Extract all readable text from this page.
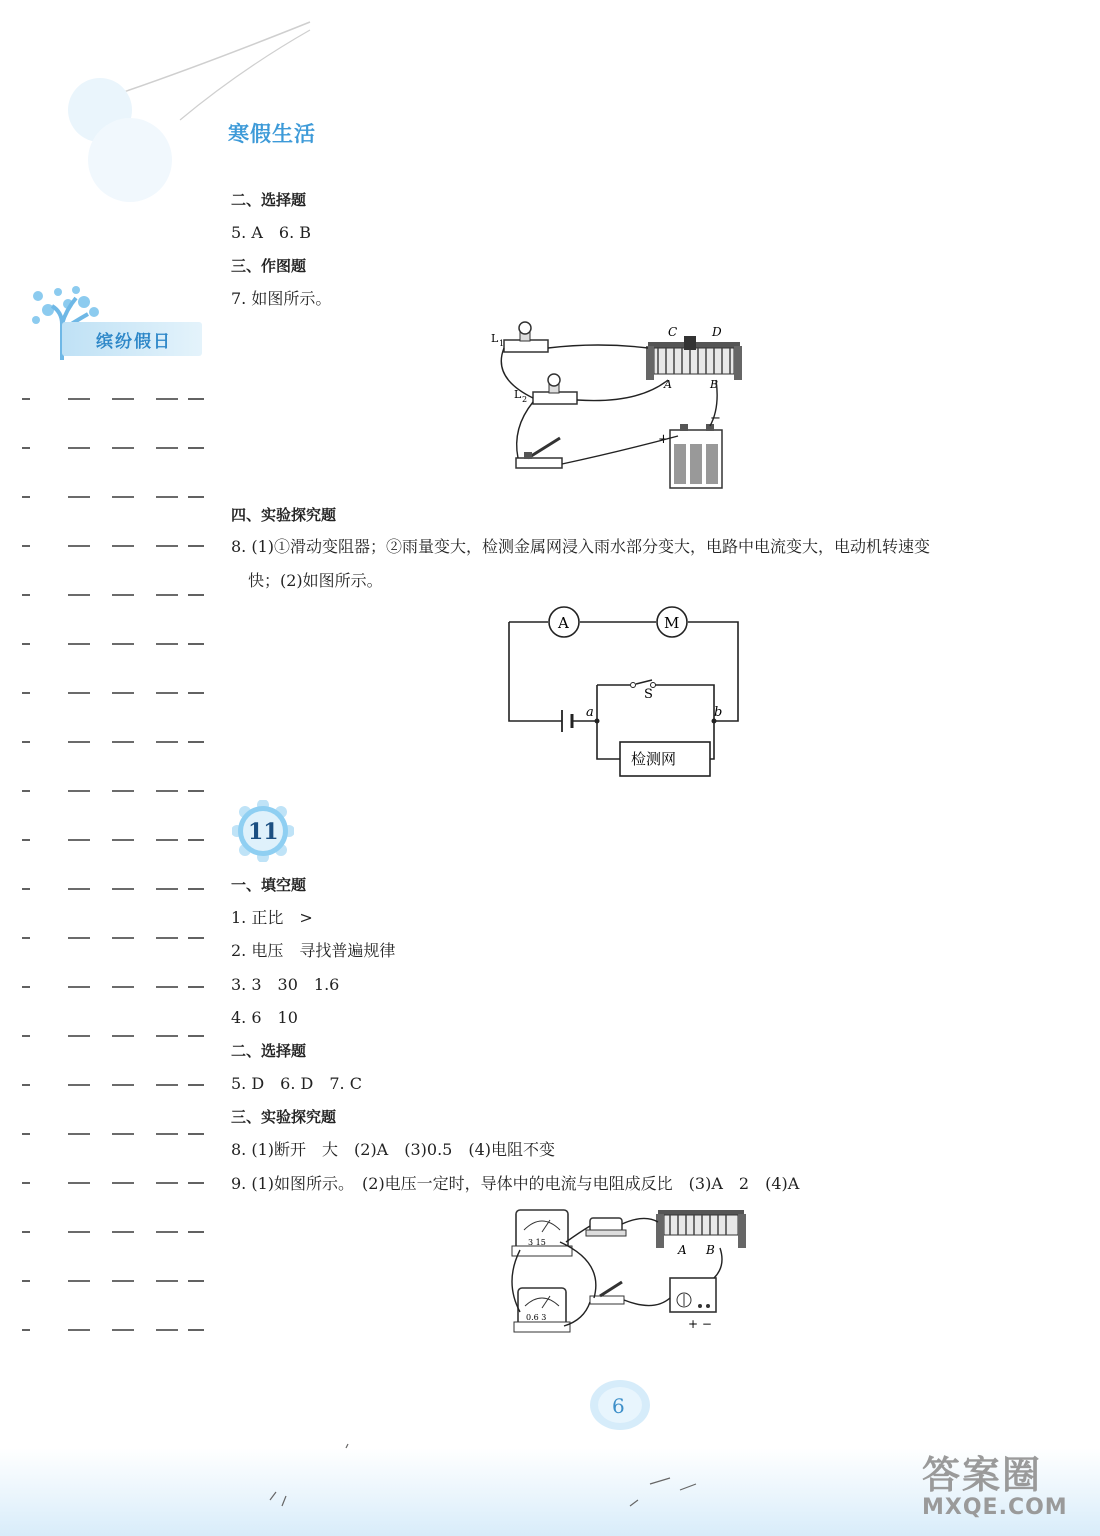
寒假生活
缤纷假日
二、选择题
5. A　6. B
三、作图题
7. 如图所示。
L 1
L 2
C	D
A	B
+
−
四、实验探究题
8. (1)①滑动变阻器；②雨量变大，检测金属网浸入雨水部分变大，电路中电流变大，电动机转速变
快；(2)如图所示。
A	M
S
a	b
检测网
11
一、填空题
1. 正比　>
2. 电压　寻找普遍规律
3. 3　30　1.6
4. 6　10
二、选择题
5. D　6. D　7. C
三、实验探究题
8. (1)断开　大　(2)A　(3)0.5　(4)电阻不变
9. (1)如图所示。　(2)电压一定时，导体中的电流与电阻成反比　(3)A　2　(4)A
3 15
A B
0.6 3	+ −
6
答案圈
MXQE.COM
